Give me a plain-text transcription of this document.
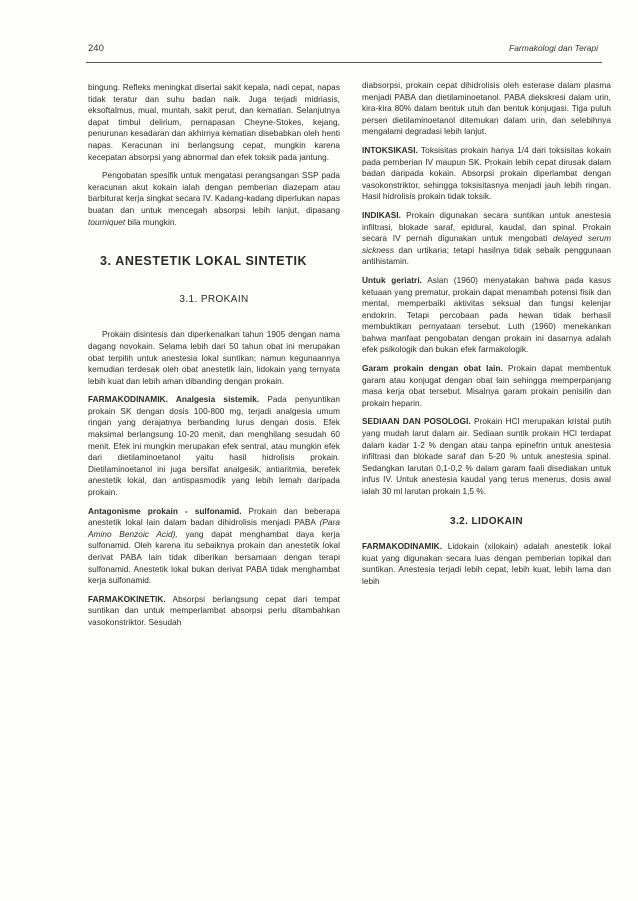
240	Farmakologi dan Terapi

bingung. Refleks meningkat disertai sakit kepala, nadi cepat, napas tidak teratur dan suhu badan naik. Juga terjadi midriasis, eksoftalmus, mual, muntah, sakit perut, dan kematian. Selanjutnya dapat timbul delirium, pernapasan Cheyne-Stokes, kejang, penurunan kesadaran dan akhirnya kematian disebabkan oleh henti napas. Keracunan ini berlangsung cepat, mungkin karena kecepatan absorpsi yang abnormal dan efek toksik pada jantung.

Pengobatan spesifik untuk mengatasi perangsangan SSP pada keracunan akut kokain ialah dengan pemberian diazepam atau barbiturat kerja singkat secara IV. Kadang-kadang diperlukan napas buatan dan untuk mencegah absorpsi lebih lanjut, dipasang tourniquet bila mungkin.

3. ANESTETIK LOKAL SINTETIK
3.1. PROKAIN

Prokain disintesis dan diperkenalkan tahun 1905 dengan nama dagang novokain. Selama lebih dari 50 tahun obat ini merupakan obat terpilih untuk anestesia lokal suntikan; namun kegunaannya kemudian terdesak oleh obat anestetik lain, lidokain yang ternyata lebih kuat dan lebih aman dibanding dengan prokain.

FARMAKODINAMIK. Analgesia sistemik. Pada penyuntikan prokain SK dengan dosis 100-800 mg, terjadi analgesia umum ringan yang derajatnya berbanding lurus dengan dosis. Efek maksimal berlangsung 10-20 menit, dan menghilang sesudah 60 menit. Efek ini mungkin merupakan efek sentral, atau mungkin efek dari dietilaminoetanol yaitu hasil hidrolisis prokain. Dietilaminoetanol ini juga bersifat analgesik, antiaritmia, berefek anestetik lokal, dan antispasmodik yang lebih lemah daripada prokain.

Antagonisme prokain - sulfonamid. Prokain dan beberapa anestetik lokal lain dalam badan dihidrolisis menjadi PABA (Para Amino Benzoic Acid), yang dapat menghambat daya kerja sulfonamid. Oleh karena itu sebaiknya prokain dan anestetik lokal derivat PABA lain tidak diberikan bersamaan dengan terapi sulfonamid. Anestetik lokal bukan derivat PABA tidak menghambat kerja sulfonamid.

FARMAKOKINETIK. Absorpsi berlangsung cepat dari tempat suntikan dan untuk memperlambat absorpsi perlu ditambahkan vasokonstriktor. Sesudah

diabsorpsi, prokain cepat dihidrolisis oleh esterase dalam plasma menjadi PABA dan dietilaminoetanol. PABA diekskresi dalam urin, kira-kira 80% dalam bentuk utuh dan bentuk konjugasi. Tiga puluh persen dietilaminoetanol ditemukan dalam urin, dan selebihnya mengalami degradasi lebih lanjut.

INTOKSIKASI. Toksisitas prokain hanya 1/4 dari toksisitas kokain pada pemberian IV maupun SK. Prokain lebih cepat dirusak dalam badan daripada kokain. Absorpsi prokain diperlambat dengan vasokonstriktor, sehingga toksisitasnya menjadi jauh lebih ringan. Hasil hidrolisis prokain tidak toksik.

INDIKASI. Prokain digunakan secara suntikan untuk anestesia infiltrasi, blokade saraf, epidural, kaudal, dan spinal. Prokain secara IV pernah digunakan untuk mengobati delayed serum sickness dan urtikaria; tetapi hasilnya tidak sebaik penggunaan antihistamin.

Untuk geriatri. Aslan (1960) menyatakan bahwa pada kasus ketuaan yang prematur, prokain dapat menambah potensi fisik dan mental, memperbaiki aktivitas seksual dan fungsi kelenjar endokrin. Tetapi percobaan pada hewan tidak berhasil membuktikan pernyataan tersebut. Luth (1960) menekankan bahwa manfaat pengobatan dengan prokain ini dasarnya adalah efek psikologik dan bukan efek farmakologik.

Garam prokain dengan obat lain. Prokain dapat membentuk garam atau konjugat dengan obat lain sehingga memperpanjang masa kerja obat tersebut. Misalnya garam prokain penisilin dan prokain heparin.

SEDIAAN DAN POSOLOGI. Prokain HCl merupakan kristal putih yang mudah larut dalam air. Sediaan suntik prokain HCl terdapat dalam kadar 1-2 % dengan atau tanpa epinefrin untuk anestesia infiltrasi dan blokade saraf dan 5-20 % untuk anestesia spinal. Sedangkan larutan 0,1-0,2 % dalam garam faali disediakan untuk infus IV. Untuk anestesia kaudal yang terus menerus, dosis awal ialah 30 ml larutan prokain 1,5 %.

3.2. LIDOKAIN

FARMAKODINAMIK. Lidokain (xilokain) adalah anestetik lokal kuat yang digunakan secara luas dengan pemberian topikal dan suntikan. Anestesia terjadi lebih cepat, lebih kuat, lebih lama dan lebih
